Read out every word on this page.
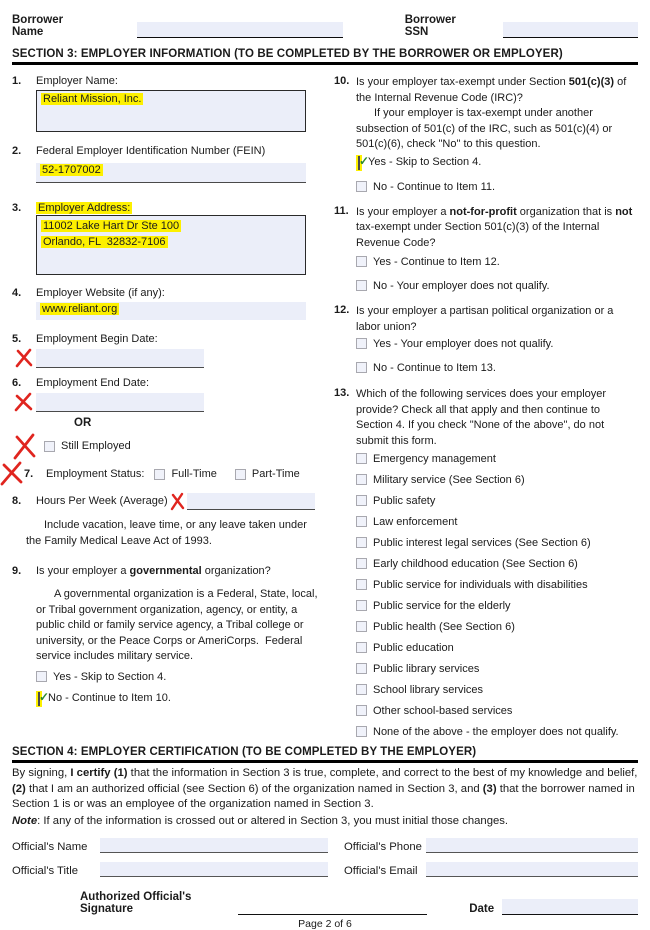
Borrower Name
Borrower SSN
SECTION 3: EMPLOYER INFORMATION (TO BE COMPLETED BY THE BORROWER OR EMPLOYER)
1.	Employer Name:
Reliant Mission, Inc.
2.	Federal Employer Identification Number (FEIN)
52-1707002
3.	Employer Address:
11002 Lake Hart Dr Ste 100
Orlando, FL  32832-7106
4.	Employer Website (if any):
www.reliant.org
5.	Employment Begin Date:
6.	Employment End Date:
OR
Still Employed
7.	Employment Status: Full-Time	Part-Time
8.	Hours Per Week (Average)
Include vacation, leave time, or any leave taken under the Family Medical Leave Act of 1993.
9.	Is your employer a governmental organization?
A governmental organization is a Federal, State, local, or Tribal government organization, agency, or entity, a public child or family service agency, a Tribal college or university, or the Peace Corps or AmeriCorps.  Federal service includes military service.
Yes - Skip to Section 4.
✓
No - Continue to Item 10.
10. Is your employer tax-exempt under Section 501(c)(3) of the Internal Revenue Code (IRC)?
If your employer is tax-exempt under another subsection of 501(c) of the IRC, such as 501(c)(4) or 501(c)(6), check "No" to this question.
✓
Yes - Skip to Section 4.
No - Continue to Item 11.
11. Is your employer a not-for-profit organization that is not tax-exempt under Section 501(c)(3) of the Internal Revenue Code?
Yes - Continue to Item 12.
No - Your employer does not qualify.
12. Is your employer a partisan political organization or a labor union?
Yes - Your employer does not qualify.
No - Continue to Item 13.
13. Which of the following services does your employer provide? Check all that apply and then continue to Section 4. If you check "None of the above", do not submit this form.
Emergency management
Military service (See Section 6)
Public safety
Law enforcement
Public interest legal services (See Section 6)
Early childhood education (See Section 6)
Public service for individuals with disabilities
Public service for the elderly
Public health (See Section 6)
Public education
Public library services
School library services
Other school-based services
None of the above - the employer does not qualify.
SECTION 4: EMPLOYER CERTIFICATION (TO BE COMPLETED BY THE EMPLOYER)
By signing, I certify (1) that the information in Section 3 is true, complete, and correct to the best of my knowledge and belief, (2) that I am an authorized official (see Section 6) of the organization named in Section 3, and (3) that the borrower named in Section 1 is or was an employee of the organization named in Section 3.
Note: If any of the information is crossed out or altered in Section 3, you must initial those changes.
Official's Name	Official's Phone
Official's Title	Official's Email
Authorized Official's Signature	Date
Page 2 of 6
